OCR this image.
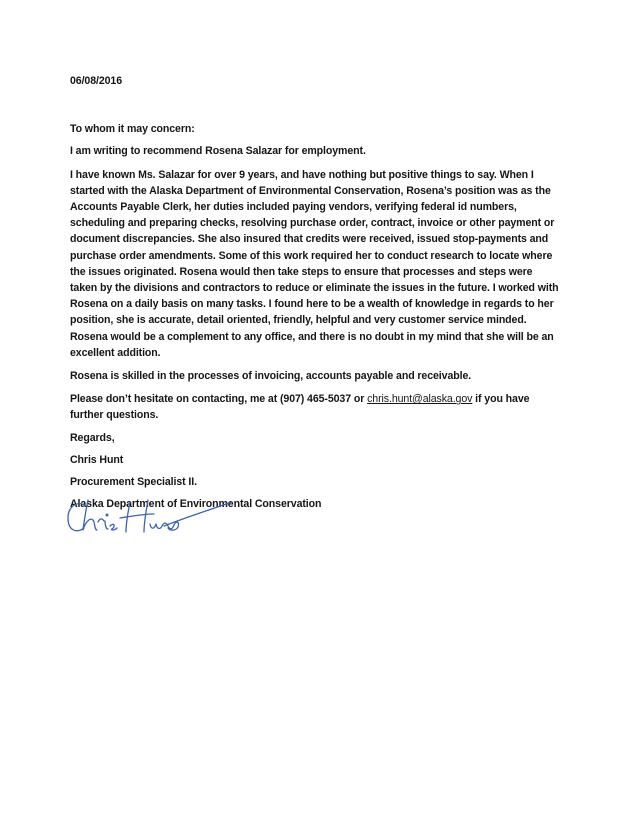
06/08/2016

To whom it may concern:

I am writing to recommend Rosena Salazar for employment.

I have known Ms. Salazar for over 9 years, and have nothing but positive things to say. When I started with the Alaska Department of Environmental Conservation, Rosena’s position was as the Accounts Payable Clerk, her duties included paying vendors, verifying federal id numbers, scheduling and preparing checks, resolving purchase order, contract, invoice or other payment or document discrepancies. She also insured that credits were received, issued stop-payments and purchase order amendments. Some of this work required her to conduct research to locate where the issues originated. Rosena would then take steps to ensure that processes and steps were taken by the divisions and contractors to reduce or eliminate the issues in the future. I worked with Rosena on a daily basis on many tasks. I found here to be a wealth of knowledge in regards to her position, she is accurate, detail oriented, friendly, helpful and very customer service minded. Rosena would be a complement to any office, and there is no doubt in my mind that she will be an excellent addition.

Rosena is skilled in the processes of invoicing, accounts payable and receivable.

Please don’t hesitate on contacting, me at (907) 465-5037 or chris.hunt@alaska.gov if you have further questions.

Regards,

Chris Hunt

Procurement Specialist II.

Alaska Department of Environmental Conservation
